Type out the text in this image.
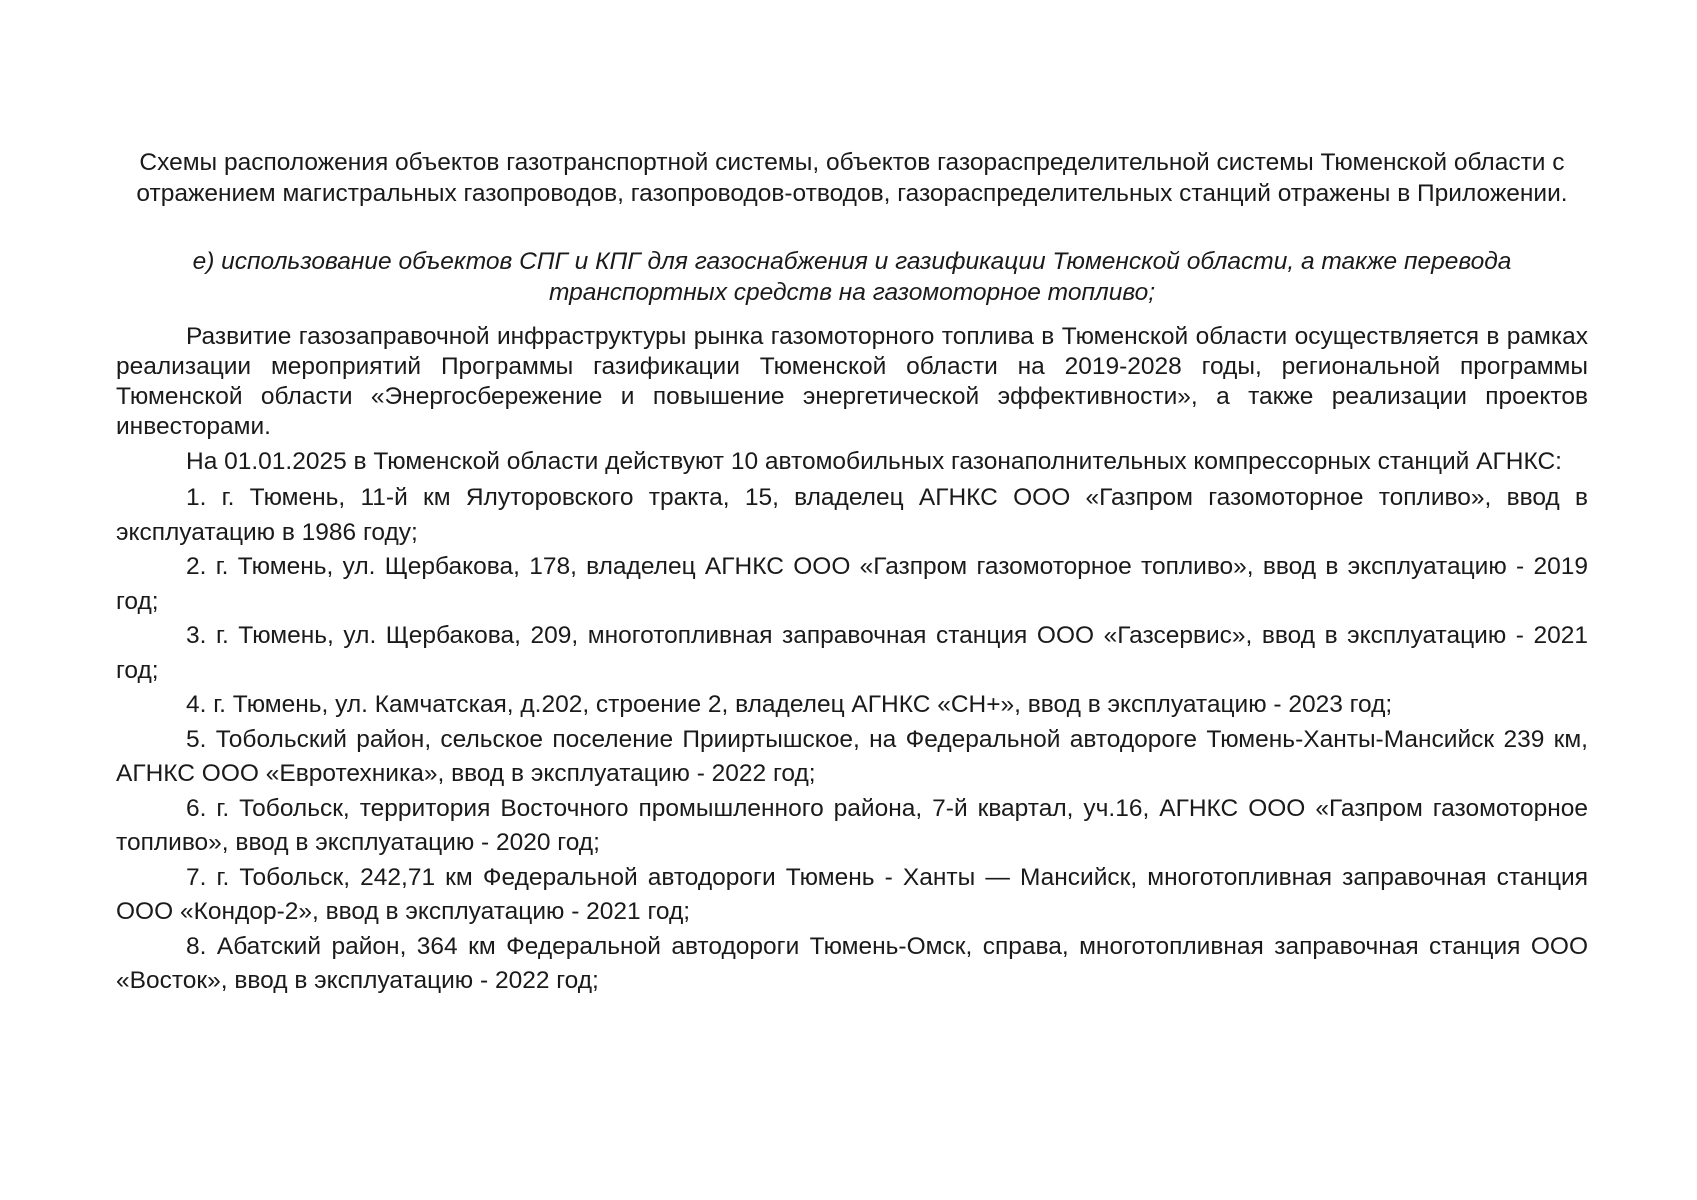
Схемы расположения объектов газотранспортной системы, объектов газораспределительной системы Тюменской области с отражением магистральных газопроводов, газопроводов-отводов, газораспределительных станций отражены в Приложении.

е) использование объектов СПГ и КПГ для газоснабжения и газификации Тюменской области, а также перевода транспортных средств на газомоторное топливо;

Развитие газозаправочной инфраструктуры рынка газомоторного топлива в Тюменской области осуществляется в рамках реализации мероприятий Программы газификации Тюменской области на 2019-2028 годы, региональной программы Тюменской области «Энергосбережение и повышение энергетической эффективности», а также реализации проектов инвесторами.

На 01.01.2025 в Тюменской области действуют 10 автомобильных газонаполнительных компрессорных станций АГНКС:

1. г. Тюмень, 11-й км Ялуторовского тракта, 15, владелец АГНКС ООО «Газпром газомоторное топливо», ввод в эксплуатацию в 1986 году;

2. г. Тюмень, ул. Щербакова, 178, владелец АГНКС ООО «Газпром газомоторное топливо», ввод в эксплуатацию - 2019 год;

3. г. Тюмень, ул. Щербакова, 209, многотопливная заправочная станция ООО «Газсервис», ввод в эксплуатацию - 2021 год;

4. г. Тюмень, ул. Камчатская, д.202, строение 2, владелец АГНКС «СН+», ввод в эксплуатацию - 2023 год;

5. Тобольский район, сельское поселение Прииртышское, на Федеральной автодороге Тюмень-Ханты-Мансийск 239 км, АГНКС ООО «Евротехника», ввод в эксплуатацию - 2022 год;

6. г. Тобольск, территория Восточного промышленного района, 7-й квартал, уч.16, АГНКС ООО «Газпром газомоторное топливо», ввод в эксплуатацию - 2020 год;

7. г. Тобольск, 242,71 км Федеральной автодороги Тюмень - Ханты — Мансийск, многотопливная заправочная станция ООО «Кондор-2», ввод в эксплуатацию - 2021 год;

8. Абатский район, 364 км Федеральной автодороги Тюмень-Омск, справа, многотопливная заправочная станция ООО «Восток», ввод в эксплуатацию - 2022 год;
